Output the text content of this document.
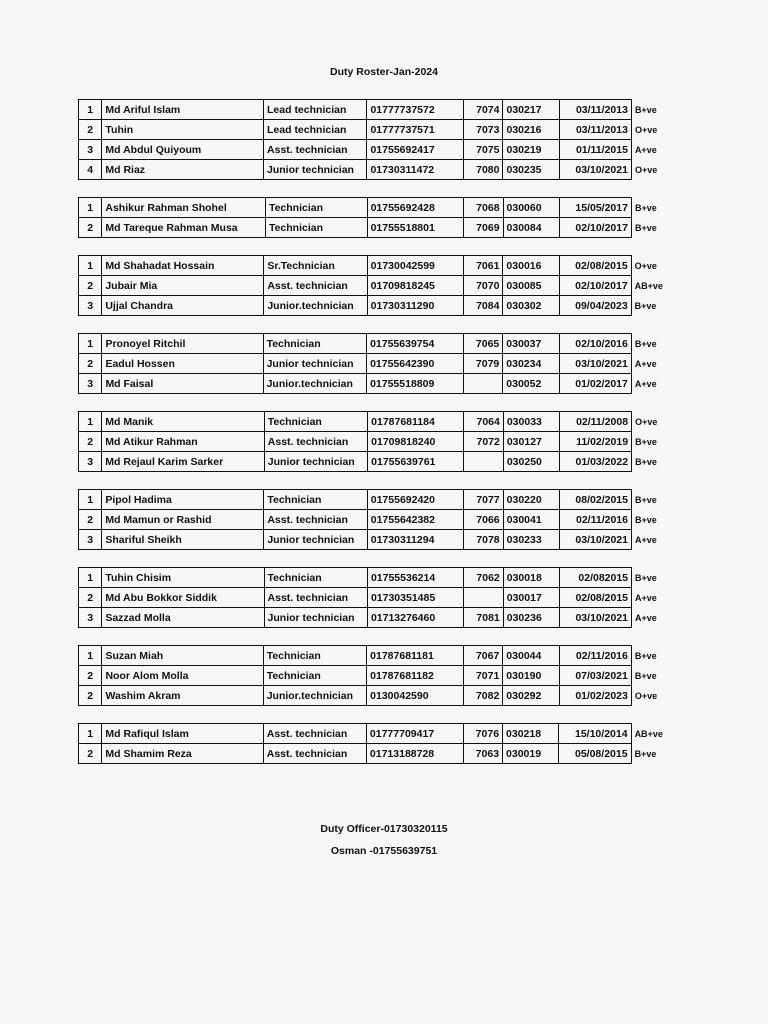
Duty Roster-Jan-2024
1	Md Ariful Islam	Lead technician	01777737572	7074	030217	03/11/2013	B+ve
2	Tuhin	Lead technician	01777737571	7073	030216	03/11/2013	O+ve
3	Md Abdul Quiyoum	Asst. technician	01755692417	7075	030219	01/11/2015	A+ve
4	Md Riaz	Junior technician	01730311472	7080	030235	03/10/2021	O+ve
1	Ashikur Rahman Shohel	Technician	01755692428	7068	030060	15/05/2017	B+ve
2	Md Tareque Rahman Musa	Technician	01755518801	7069	030084	02/10/2017	B+ve
1	Md Shahadat Hossain	Sr.Technician	01730042599	7061	030016	02/08/2015	O+ve
2	Jubair Mia	Asst. technician	01709818245	7070	030085	02/10/2017	AB+ve
3	Ujjal Chandra	Junior.technician	01730311290	7084	030302	09/04/2023	B+ve
1	Pronoyel Ritchil	Technician	01755639754	7065	030037	02/10/2016	B+ve
2	Eadul Hossen	Junior technician	01755642390	7079	030234	03/10/2021	A+ve
3	Md Faisal	Junior.technician	01755518809		030052	01/02/2017	A+ve
1	Md Manik	Technician	01787681184	7064	030033	02/11/2008	O+ve
2	Md Atikur Rahman	Asst. technician	01709818240	7072	030127	11/02/2019	B+ve
3	Md Rejaul Karim Sarker	Junior technician	01755639761		030250	01/03/2022	B+ve
1	Pipol Hadima	Technician	01755692420	7077	030220	08/02/2015	B+ve
2	Md Mamun or Rashid	Asst. technician	01755642382	7066	030041	02/11/2016	B+ve
3	Shariful Sheikh	Junior technician	01730311294	7078	030233	03/10/2021	A+ve
1	Tuhin Chisim	Technician	01755536214	7062	030018	02/082015	B+ve
2	Md Abu Bokkor Siddik	Asst. technician	01730351485		030017	02/08/2015	A+ve
3	Sazzad Molla	Junior technician	01713276460	7081	030236	03/10/2021	A+ve
1	Suzan Miah	Technician	01787681181	7067	030044	02/11/2016	B+ve
2	Noor Alom Molla	Technician	01787681182	7071	030190	07/03/2021	B+ve
2	Washim Akram	Junior.technician	0130042590	7082	030292	01/02/2023	O+ve
1	Md Rafiqul Islam	Asst. technician	01777709417	7076	030218	15/10/2014	AB+ve
2	Md Shamim Reza	Asst. technician	01713188728	7063	030019	05/08/2015	B+ve
Duty Officer-01730320115
Osman -01755639751
